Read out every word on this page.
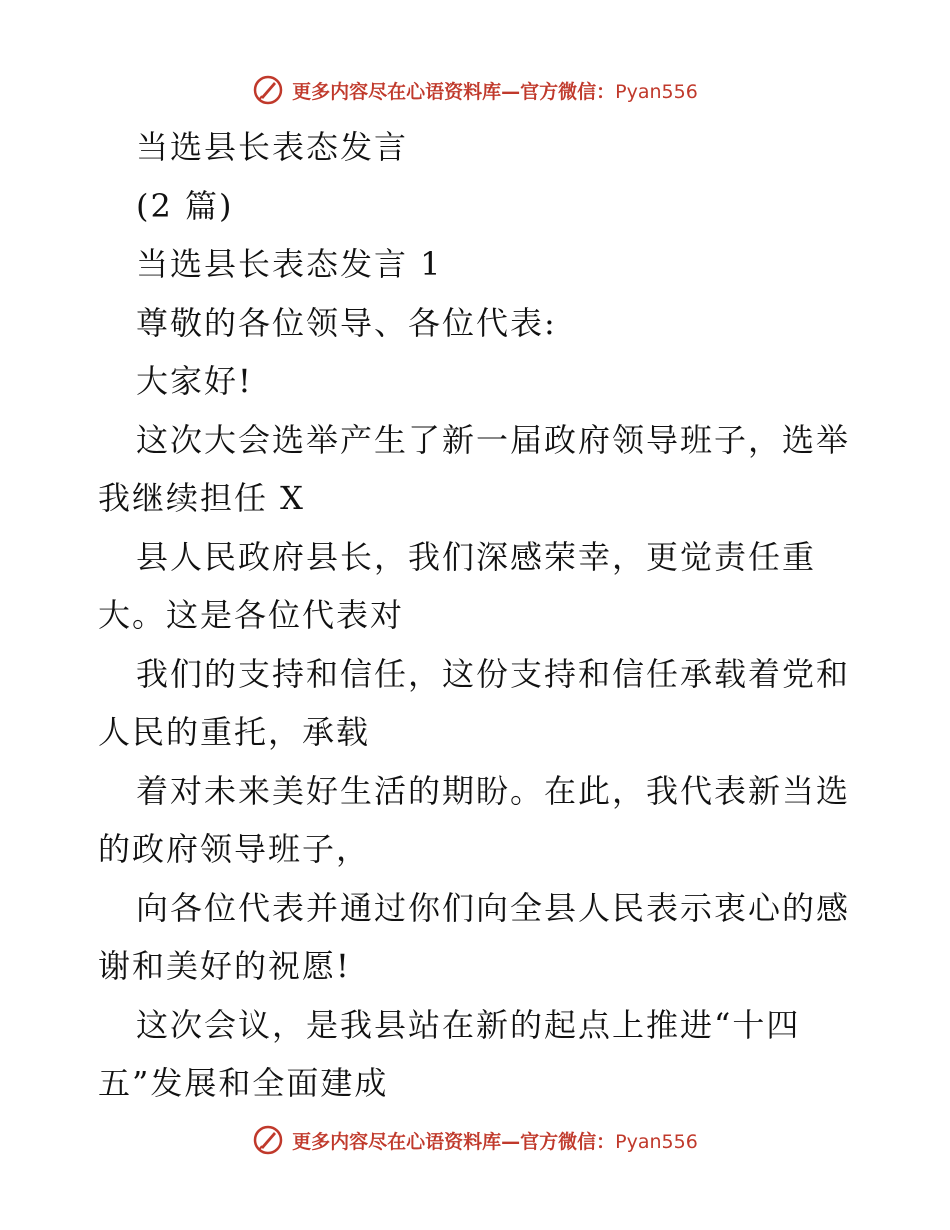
更多内容尽在心语资料库—官方微信：Pyan556
当选县长表态发言
(2 篇)
当选县长表态发言 1
尊敬的各位领导、各位代表:
大家好!
这次大会选举产生了新一届政府领导班子，选举
我继续担任 X
县人民政府县长，我们深感荣幸，更觉责任重
大。这是各位代表对
我们的支持和信任，这份支持和信任承载着党和
人民的重托，承载
着对未来美好生活的期盼。在此，我代表新当选
的政府领导班子，
向各位代表并通过你们向全县人民表示衷心的感
谢和美好的祝愿!
这次会议，是我县站在新的起点上推进“十四
五”发展和全面建成
更多内容尽在心语资料库—官方微信：Pyan556
